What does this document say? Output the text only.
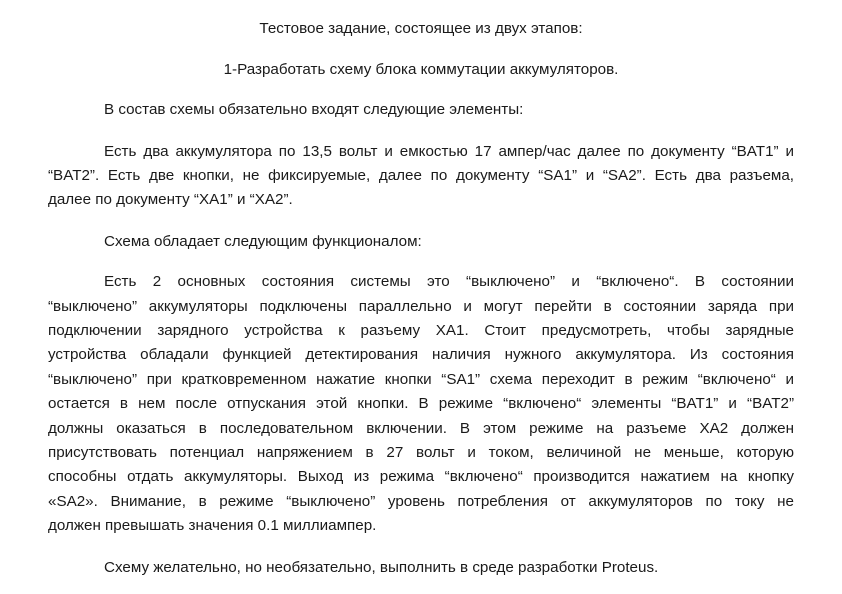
Тестовое задание, состоящее из двух этапов:
1-Разработать схему блока коммутации аккумуляторов.
В состав схемы обязательно входят следующие элементы:
Есть два аккумулятора по 13,5 вольт и емкостью 17 ампер/час далее по документу “BAT1” и
“BAT2”. Есть две кнопки, не фиксируемые, далее по документу “SA1” и “SA2”. Есть два разъема,
далее по документу “XA1” и “XA2”.
Схема обладает следующим функционалом:
Есть 2 основных состояния системы это “выключено” и “включено“. В состоянии
“выключено” аккумуляторы подключены параллельно и могут перейти в состоянии заряда при
подключении зарядного устройства к разъему XA1. Стоит предусмотреть, чтобы зарядные
устройства обладали функцией детектирования наличия нужного аккумулятора. Из состояния
“выключено” при кратковременном нажатие кнопки “SA1” схема переходит в режим “включено“ и
остается в нем после отпускания этой кнопки. В режиме “включено“ элементы “BAT1” и “BAT2”
должны оказаться в последовательном включении. В этом режиме на разъеме XA2 должен
присутствовать потенциал напряжением в 27 вольт и током, величиной не меньше, которую
способны отдать аккумуляторы. Выход из режима “включено“ производится нажатием на кнопку
«SA2». Внимание, в режиме “выключено” уровень потребления от аккумуляторов по току не
должен превышать значения 0.1 миллиампер.
Схему желательно, но необязательно, выполнить в среде разработки Proteus.
